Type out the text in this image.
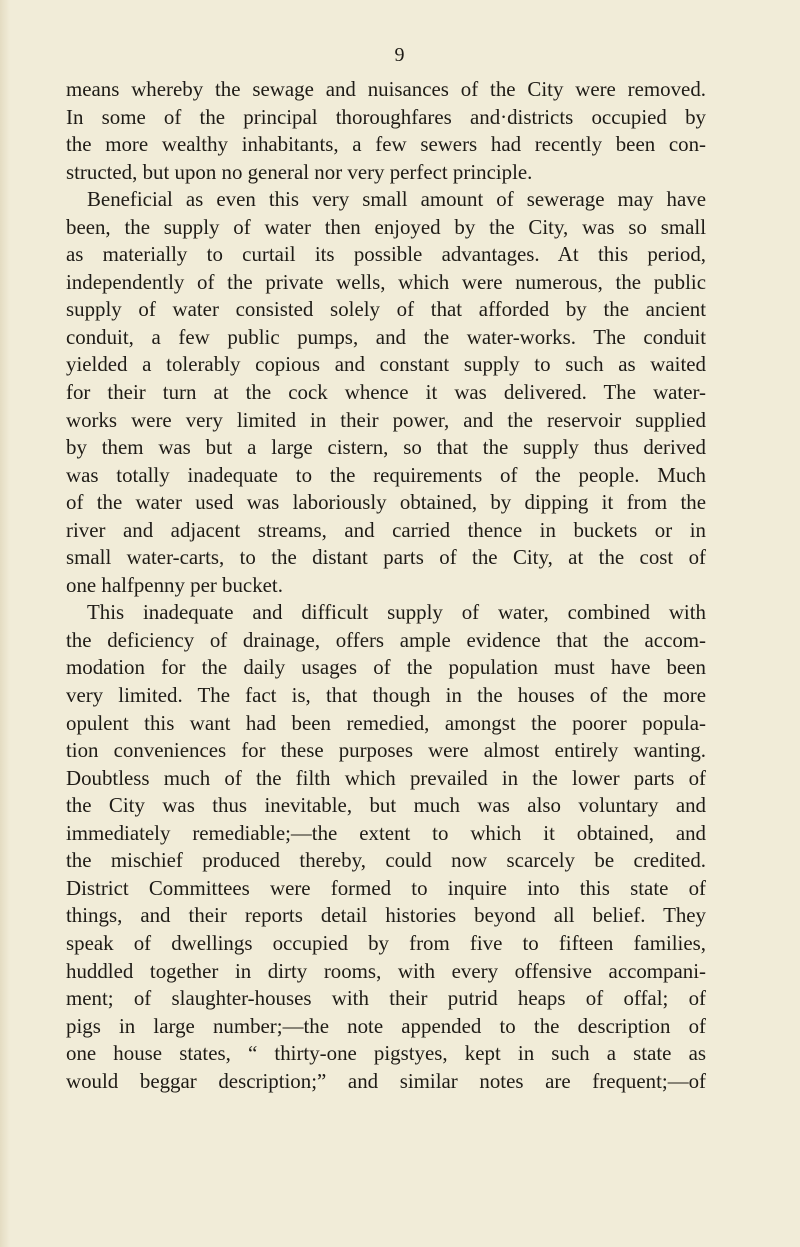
9
means whereby the sewage and nuisances of the City were removed.
In some of the principal thoroughfares and·districts occupied by
the more wealthy inhabitants, a few sewers had recently been con-
structed, but upon no general nor very perfect principle.
Beneficial as even this very small amount of sewerage may have
been, the supply of water then enjoyed by the City, was so small
as materially to curtail its possible advantages. At this period,
independently of the private wells, which were numerous, the public
supply of water consisted solely of that afforded by the ancient
conduit, a few public pumps, and the water-works. The conduit
yielded a tolerably copious and constant supply to such as waited
for their turn at the cock whence it was delivered. The water-
works were very limited in their power, and the reservoir supplied
by them was but a large cistern, so that the supply thus derived
was totally inadequate to the requirements of the people. Much
of the water used was laboriously obtained, by dipping it from the
river and adjacent streams, and carried thence in buckets or in
small water-carts, to the distant parts of the City, at the cost of
one halfpenny per bucket.
This inadequate and difficult supply of water, combined with
the deficiency of drainage, offers ample evidence that the accom-
modation for the daily usages of the population must have been
very limited. The fact is, that though in the houses of the more
opulent this want had been remedied, amongst the poorer popula-
tion conveniences for these purposes were almost entirely wanting.
Doubtless much of the filth which prevailed in the lower parts of
the City was thus inevitable, but much was also voluntary and
immediately remediable;—the extent to which it obtained, and
the mischief produced thereby, could now scarcely be credited.
District Committees were formed to inquire into this state of
things, and their reports detail histories beyond all belief. They
speak of dwellings occupied by from five to fifteen families,
huddled together in dirty rooms, with every offensive accompani-
ment; of slaughter-houses with their putrid heaps of offal; of
pigs in large number;—the note appended to the description of
one house states, “ thirty-one pigstyes, kept in such a state as
would beggar description;” and similar notes are frequent;—of
